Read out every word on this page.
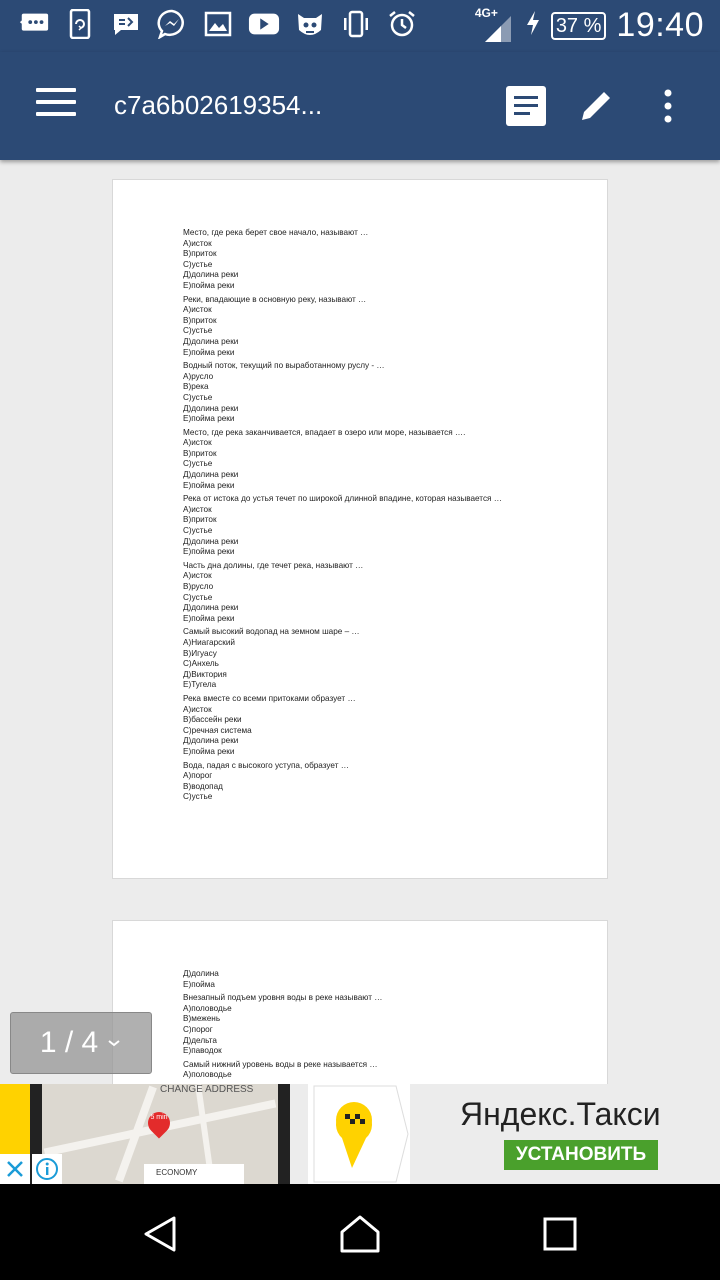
4G+
37 % 19:40
c7a6b02619354...
Место, где река берет свое начало, называют …
А)исток
В)приток
С)устье
Д)долина реки
Е)пойма реки
Реки, впадающие в основную реку, называют …
А)исток
В)приток
С)устье
Д)долина реки
Е)пойма реки
Водный поток, текущий по выработанному руслу - …
А)русло
В)река
С)устье
Д)долина реки
Е)пойма реки
Место, где река заканчивается, впадает в озеро или море, называется ….
А)исток
В)приток
С)устье
Д)долина реки
Е)пойма реки
Река от истока до устья течет по широкой длинной впадине, которая называется …
А)исток
В)приток
С)устье
Д)долина реки
Е)пойма реки
Часть дна долины, где течет река, называют …
А)исток
В)русло
С)устье
Д)долина реки
Е)пойма реки
Самый высокий водопад на земном шаре – …
А)Ниагарский
В)Игуасу
С)Анхель
Д)Виктория
Е)Тугела
Река вместе со всеми притоками образует …
А)исток
В)бассейн реки
С)речная система
Д)долина реки
Е)пойма реки
Вода, падая с высокого уступа, образует …
А)порог
В)водопад
С)устье
Д)долина
Е)пойма
Внезапный подъем уровня воды в реке называют …
А)половодье
В)межень
С)порог
Д)дельта
Е)паводок
Самый нижний уровень воды в реке называется …
А)половодье
1 / 4
CHANGE ADDRESS
5 min
ECONOMY
Яндекс.Такси
УСТАНОВИТЬ
